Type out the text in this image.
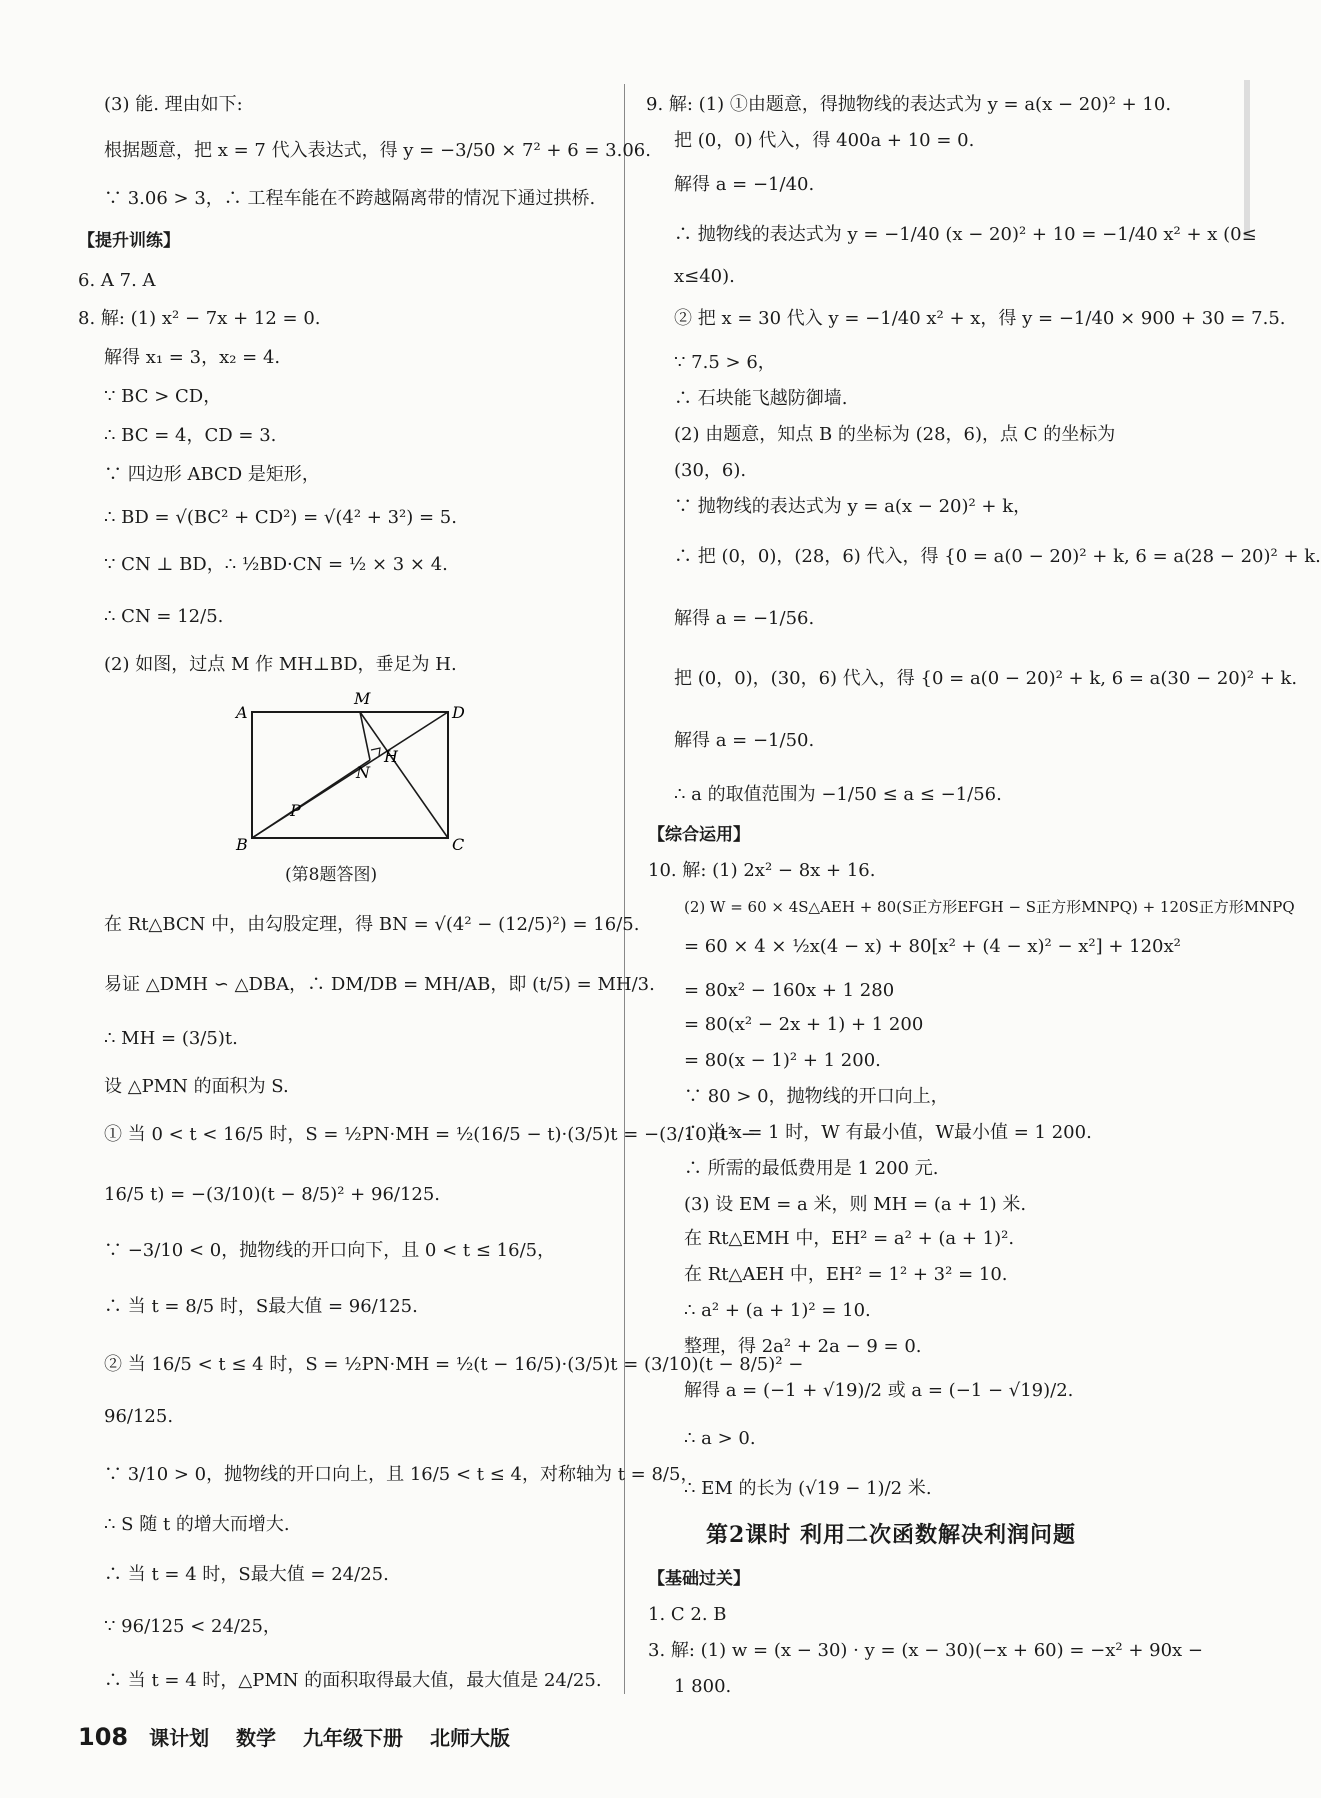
(3) 能. 理由如下:
根据题意，把 x = 7 代入表达式，得 y = −3/50 × 7² + 6 = 3.06.
∵ 3.06 > 3，∴ 工程车能在不跨越隔离带的情况下通过拱桥.
【提升训练】
6. A 7. A
8. 解: (1) x² − 7x + 12 = 0.
解得 x₁ = 3，x₂ = 4.
∵ BC > CD，
∴ BC = 4，CD = 3.
∵ 四边形 ABCD 是矩形，
∴ BD = √(BC² + CD²) = √(4² + 3²) = 5.
∵ CN ⊥ BD，∴ ½BD·CN = ½ × 3 × 4.
∴ CN = 12/5.
(2) 如图，过点 M 作 MH⊥BD，垂足为 H.
A
B	C
D
M
N
H
P
(第8题答图)
在 Rt△BCN 中，由勾股定理，得 BN = √(4² − (12/5)²) = 16/5.
易证 △DMH ∽ △DBA，∴ DM/DB = MH/AB，即 (t/5) = MH/3.
∴ MH = (3/5)t.
设 △PMN 的面积为 S.
① 当 0 < t < 16/5 时，S = ½PN·MH = ½(16/5 − t)·(3/5)t = −(3/10)(t² −
16/5 t) = −(3/10)(t − 8/5)² + 96/125.
∵ −3/10 < 0，抛物线的开口向下，且 0 < t ≤ 16/5，
∴ 当 t = 8/5 时，S最大值 = 96/125.
② 当 16/5 < t ≤ 4 时，S = ½PN·MH = ½(t − 16/5)·(3/5)t = (3/10)(t − 8/5)² −
96/125.
∵ 3/10 > 0，抛物线的开口向上，且 16/5 < t ≤ 4，对称轴为 t = 8/5，
∴ S 随 t 的增大而增大.
∴ 当 t = 4 时，S最大值 = 24/25.
∵ 96/125 < 24/25，
∴ 当 t = 4 时，△PMN 的面积取得最大值，最大值是 24/25.
9. 解: (1) ①由题意，得抛物线的表达式为 y = a(x − 20)² + 10.
把 (0，0) 代入，得 400a + 10 = 0.
解得 a = −1/40.
∴ 抛物线的表达式为 y = −1/40 (x − 20)² + 10 = −1/40 x² + x (0≤
x≤40).
② 把 x = 30 代入 y = −1/40 x² + x，得 y = −1/40 × 900 + 30 = 7.5.
∵ 7.5 > 6，
∴ 石块能飞越防御墙.
(2) 由题意，知点 B 的坐标为 (28，6)，点 C 的坐标为
(30，6).
∵ 抛物线的表达式为 y = a(x − 20)² + k，
∴ 把 (0，0)，(28，6) 代入，得 {0 = a(0 − 20)² + k, 6 = a(28 − 20)² + k.
解得 a = −1/56.
把 (0，0)，(30，6) 代入，得 {0 = a(0 − 20)² + k, 6 = a(30 − 20)² + k.
解得 a = −1/50.
∴ a 的取值范围为 −1/50 ≤ a ≤ −1/56.
【综合运用】
10. 解: (1) 2x² − 8x + 16.
(2) W = 60 × 4S△AEH + 80(S正方形EFGH − S正方形MNPQ) + 120S正方形MNPQ
= 60 × 4 × ½x(4 − x) + 80[x² + (4 − x)² − x²] + 120x²
= 80x² − 160x + 1 280
= 80(x² − 2x + 1) + 1 200
= 80(x − 1)² + 1 200.
∵ 80 > 0，抛物线的开口向上，
∴ 当 x = 1 时，W 有最小值，W最小值 = 1 200.
∴ 所需的最低费用是 1 200 元.
(3) 设 EM = a 米，则 MH = (a + 1) 米.
在 Rt△EMH 中，EH² = a² + (a + 1)².
在 Rt△AEH 中，EH² = 1² + 3² = 10.
∴ a² + (a + 1)² = 10.
整理，得 2a² + 2a − 9 = 0.
解得 a = (−1 + √19)/2 或 a = (−1 − √19)/2.
∴ a > 0.
∴ EM 的长为 (√19 − 1)/2 米.
第2课时 利用二次函数解决利润问题
【基础过关】
1. C 2. B
3. 解: (1) w = (x − 30) · y = (x − 30)(−x + 60) = −x² + 90x −
1 800.
108 课计划 数学 九年级下册 北师大版
